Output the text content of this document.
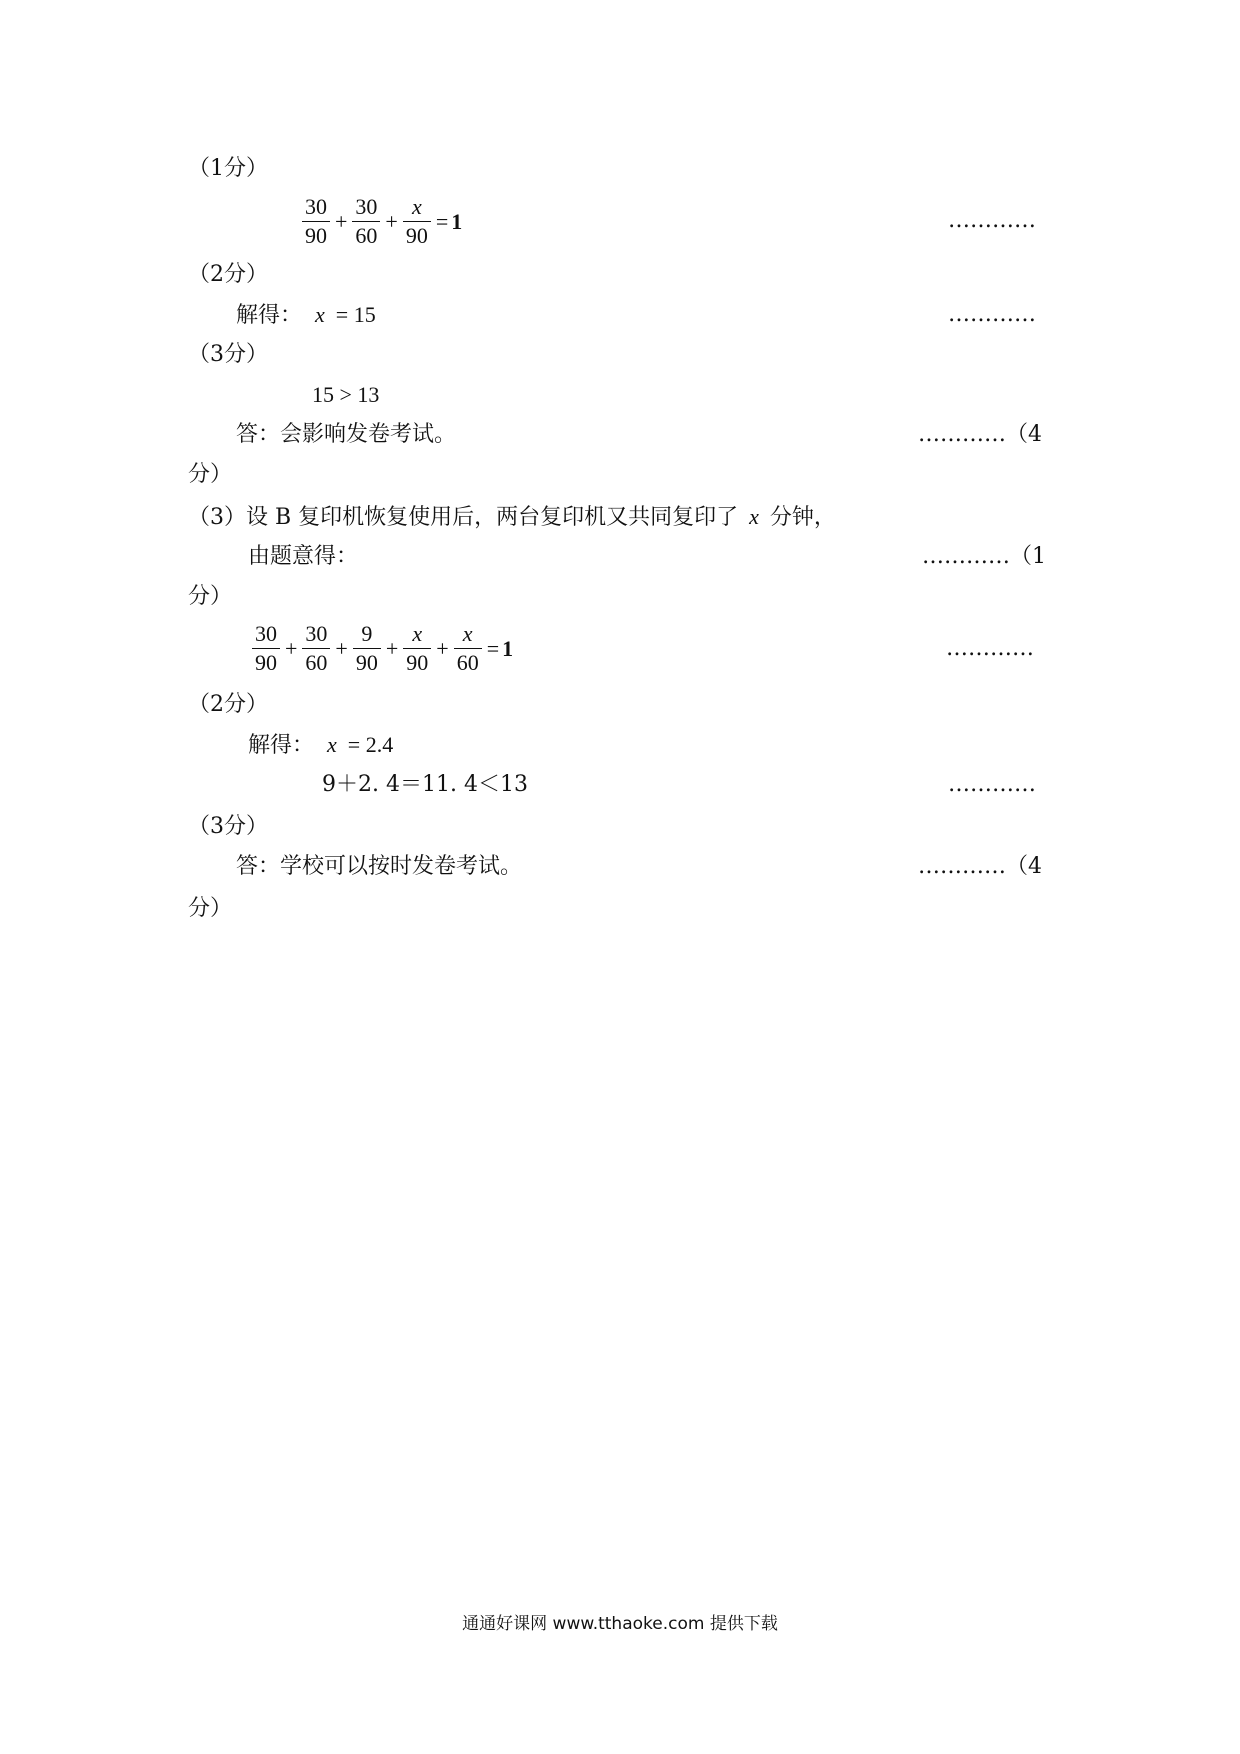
（1分）
$\frac{30}{90} + \frac{30}{60} + \frac{x}{90} = 1$	…………
（2分）
解得： x = 15	…………
（3分）
15 > 13
答：会影响发卷考试。	…………（4
分）
（3）设 B 复印机恢复使用后，两台复印机又共同复印了 x 分钟，
由题意得：	…………（1
分）
$\frac{30}{90} + \frac{30}{60} + \frac{9}{90} + \frac{x}{90} + \frac{x}{60} = 1$	…………
（2分）
解得： x = 2.4
9＋2. 4＝11. 4＜13	…………
（3分）
答：学校可以按时发卷考试。	…………（4
分）
通通好课网 www.tthaoke.com 提供下载
